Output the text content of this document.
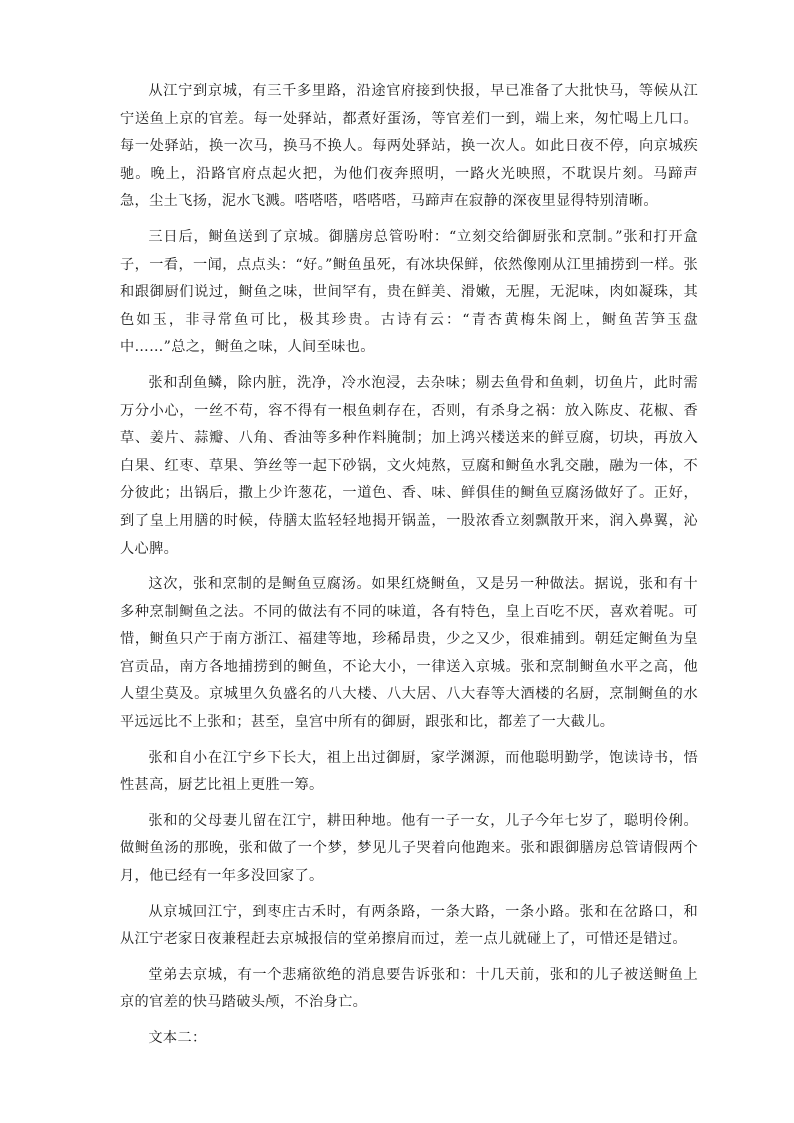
从江宁到京城，有三千多里路，沿途官府接到快报，早已准备了大批快马，等候从江宁送鱼上京的官差。每一处驿站，都煮好蛋汤，等官差们一到，端上来，匆忙喝上几口。每一处驿站，换一次马，换马不换人。每两处驿站，换一次人。如此日夜不停，向京城疾驰。晚上，沿路官府点起火把，为他们夜奔照明，一路火光映照，不耽误片刻。马蹄声急，尘土飞扬，泥水飞溅。嗒嗒嗒，嗒嗒嗒，马蹄声在寂静的深夜里显得特别清晰。

三日后，鲥鱼送到了京城。御膳房总管吩咐：“立刻交给御厨张和烹制。”张和打开盒子，一看，一闻，点点头：“好。”鲥鱼虽死，有冰块保鲜，依然像刚从江里捕捞到一样。张和跟御厨们说过，鲥鱼之味，世间罕有，贵在鲜美、滑嫩，无腥，无泥味，肉如凝珠，其色如玉，非寻常鱼可比，极其珍贵。古诗有云：“青杏黄梅朱阁上，鲥鱼苦笋玉盘中……”总之，鲥鱼之味，人间至味也。

张和刮鱼鳞，除内脏，洗净，冷水泡浸，去杂味；剔去鱼骨和鱼刺，切鱼片，此时需万分小心，一丝不苟，容不得有一根鱼刺存在，否则，有杀身之祸：放入陈皮、花椒、香草、姜片、蒜瓣、八角、香油等多种作料腌制；加上鸿兴楼送来的鲜豆腐，切块，再放入白果、红枣、草果、笋丝等一起下砂锅，文火炖熬，豆腐和鲥鱼水乳交融，融为一体，不分彼此；出锅后，撒上少许葱花，一道色、香、味、鲜俱佳的鲥鱼豆腐汤做好了。正好，到了皇上用膳的时候，侍膳太监轻轻地揭开锅盖，一股浓香立刻飘散开来，润入鼻翼，沁人心脾。

这次，张和烹制的是鲥鱼豆腐汤。如果红烧鲥鱼，又是另一种做法。据说，张和有十多种烹制鲥鱼之法。不同的做法有不同的味道，各有特色，皇上百吃不厌，喜欢着呢。可惜，鲥鱼只产于南方浙江、福建等地，珍稀昂贵，少之又少，很难捕到。朝廷定鲥鱼为皇宫贡品，南方各地捕捞到的鲥鱼，不论大小，一律送入京城。张和烹制鲥鱼水平之高，他人望尘莫及。京城里久负盛名的八大楼、八大居、八大春等大酒楼的名厨，烹制鲥鱼的水平远远比不上张和；甚至，皇宫中所有的御厨，跟张和比，都差了一大截儿。

张和自小在江宁乡下长大，祖上出过御厨，家学渊源，而他聪明勤学，饱读诗书，悟性甚高，厨艺比祖上更胜一筹。

张和的父母妻儿留在江宁，耕田种地。他有一子一女，儿子今年七岁了，聪明伶俐。做鲥鱼汤的那晚，张和做了一个梦，梦见儿子哭着向他跑来。张和跟御膳房总管请假两个月，他已经有一年多没回家了。

从京城回江宁，到枣庄古禾时，有两条路，一条大路，一条小路。张和在岔路口，和从江宁老家日夜兼程赶去京城报信的堂弟擦肩而过，差一点儿就碰上了，可惜还是错过。

堂弟去京城，有一个悲痛欲绝的消息要告诉张和：十几天前，张和的儿子被送鲥鱼上京的官差的快马踏破头颅，不治身亡。

文本二：
